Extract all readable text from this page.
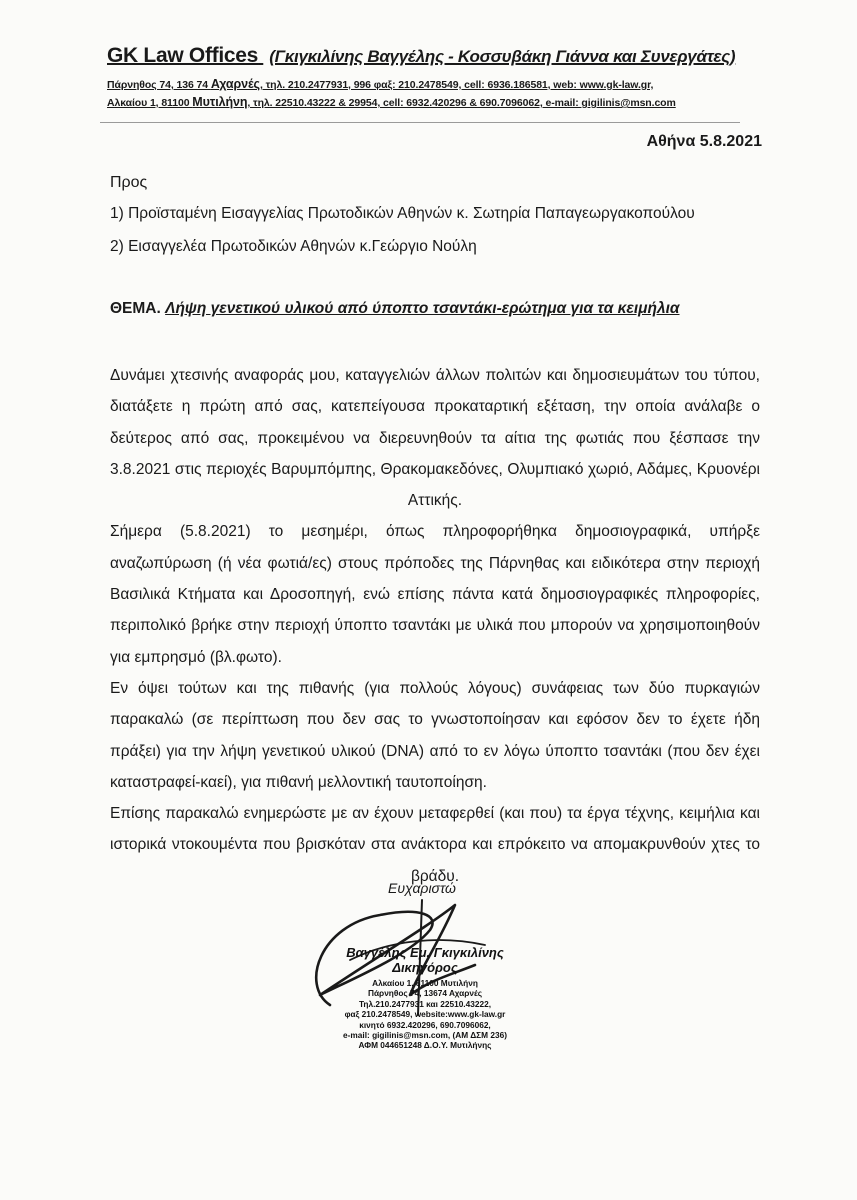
GK Law Offices (Γκιγκιλίνης Βαγγέλης - Κοσσυβάκη Γιάννα και Συνεργάτες)
Πάρνηθος 74, 136 74 Αχαρνές, τηλ. 210.2477931, 996 φαξ: 210.2478549, cell: 6936.186581, web: www.gk-law.gr,
Αλκαίου 1, 81100 Μυτιλήνη, τηλ. 22510.43222 & 29954, cell: 6932.420296 & 690.7096062, e-mail: gigilinis@msn.com
Αθήνα 5.8.2021
Προς
1) Προϊσταμένη Εισαγγελίας Πρωτοδικών Αθηνών κ. Σωτηρία Παπαγεωργακοπούλου
2) Εισαγγελέα Πρωτοδικών Αθηνών κ.Γεώργιο Νούλη
ΘΕΜΑ. Λήψη γενετικού υλικού από ύποπτο τσαντάκι-ερώτημα για τα κειμήλια

Δυνάμει χτεσινής αναφοράς μου, καταγγελιών άλλων πολιτών και δημοσιευμάτων του τύπου, διατάξετε η πρώτη από σας, κατεπείγουσα προκαταρτική εξέταση, την οποία ανάλαβε ο δεύτερος από σας, προκειμένου να διερευνηθούν τα αίτια της φωτιάς που ξέσπασε την 3.8.2021 στις περιοχές Βαρυμπόμπης, Θρακομακεδόνες, Ολυμπιακό χωριό, Αδάμες, Κρυονέρι Αττικής.

Σήμερα (5.8.2021) το μεσημέρι, όπως πληροφορήθηκα δημοσιογραφικά, υπήρξε αναζωπύρωση (ή νέα φωτιά/ες) στους πρόποδες της Πάρνηθας και ειδικότερα στην περιοχή Βασιλικά Κτήματα και Δροσοπηγή, ενώ επίσης πάντα κατά δημοσιογραφικές πληροφορίες, περιπολικό βρήκε στην περιοχή ύποπτο τσαντάκι με υλικά που μπορούν να χρησιμοποιηθούν για εμπρησμό (βλ.φωτο).

Εν όψει τούτων και της πιθανής (για πολλούς λόγους) συνάφειας των δύο πυρκαγιών παρακαλώ (σε περίπτωση που δεν σας το γνωστοποίησαν και εφόσον δεν το έχετε ήδη πράξει) για την λήψη γενετικού υλικού (DNA) από το εν λόγω ύποπτο τσαντάκι (που δεν έχει καταστραφεί-καεί), για πιθανή μελλοντική ταυτοποίηση.

Επίσης παρακαλώ ενημερώστε με αν έχουν μεταφερθεί (και που) τα έργα τέχνης, κειμήλια και ιστορικά ντοκουμέντα που βρισκόταν στα ανάκτορα και επρόκειτο να απομακρυνθούν χτες το βράδυ.

Ευχαριστώ
Βαγγέλης Εμ. Γκιγκιλίνης
Δικηγόρος
Αλκαίου 1, 81100 Μυτιλήνη
Πάρνηθος 74, 13674 Αχαρνές
Τηλ.210.2477931 και 22510.43222,
φαξ 210.2478549, website:www.gk-law.gr
κινητό 6932.420296, 690.7096062,
e-mail: gigilinis@msn.com, (ΑΜ ΔΣΜ 236)
ΑΦΜ 044651248 Δ.Ο.Υ. Μυτιλήνης
